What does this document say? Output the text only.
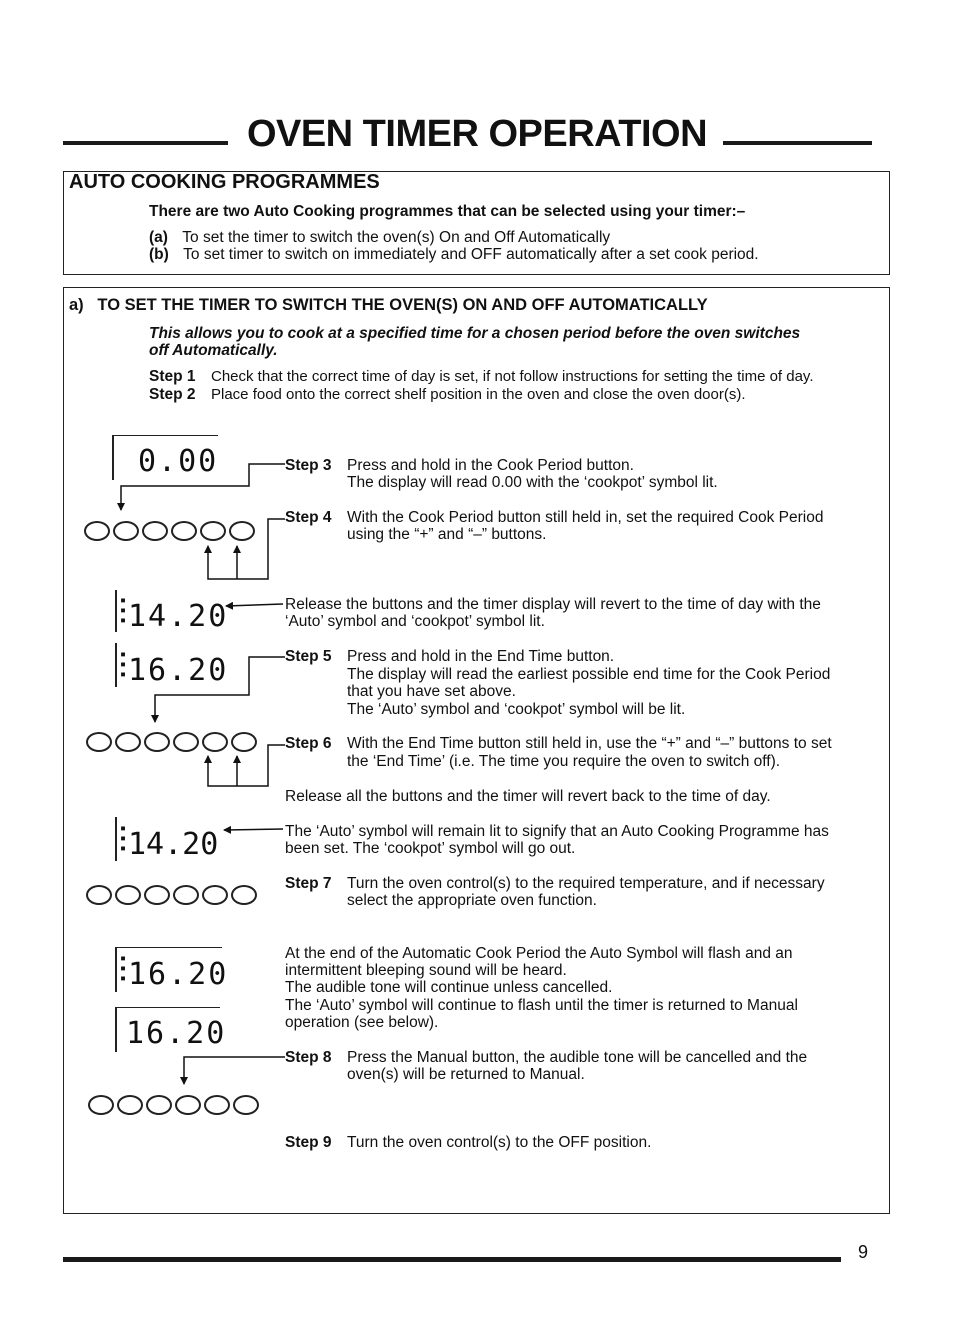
OVEN TIMER OPERATION
AUTO COOKING PROGRAMMES
There are two Auto Cooking programmes that can be selected using your timer:–
(a) To set the timer to switch the oven(s) On and Off Automatically
(b) To set timer to switch on immediately and OFF automatically after a set cook period.
a)   TO SET THE TIMER TO SWITCH THE OVEN(S) ON AND OFF AUTOMATICALLY
This allows you to cook at a specified time for a chosen period before the oven switches
off Automatically.
Step 1 Check that the correct time of day is set, if not follow instructions for setting the time of day.
Step 2 Place food onto the correct shelf position in the oven and close the oven door(s).
Step 3 Press and hold in the Cook Period button.
The display will read 0.00 with the ‘cookpot’ symbol lit.
Step 4 With the Cook Period button still held in, set the required Cook Period
using the “+” and “–” buttons.
Release the buttons and the timer display will revert to the time of day with the
‘Auto’ symbol and ‘cookpot’ symbol lit.
Step 5 Press and hold in the End Time button.
The display will read the earliest possible end time for the Cook Period
that you have set above.
The ‘Auto’ symbol and ‘cookpot’ symbol will be lit.
Step 6 With the End Time button still held in, use the “+” and “–” buttons to set
the ‘End Time’ (i.e. The time you require the oven to switch off).
Release all the buttons and the timer will revert back to the time of day.
The ‘Auto’ symbol will remain lit to signify that an Auto Cooking Programme has
been set. The ‘cookpot’ symbol will go out.
Step 7 Turn the oven control(s) to the required temperature, and if necessary
select the appropriate oven function.
At the end of the Automatic Cook Period the Auto Symbol will flash and an
intermittent bleeping sound will be heard.
The audible tone will continue unless cancelled.
The ‘Auto’ symbol will continue to flash until the timer is returned to Manual
operation (see below).
Step 8 Press the Manual button, the audible tone will be cancelled and the
oven(s) will be returned to Manual.
Step 9 Turn the oven control(s) to the OFF position.
0.00
▪
▪
▪ 14.20
▪
▪
▪ 16.20
▪
▪
▪ 14.20
▪
▪
▪ 16.20
16.20
9
